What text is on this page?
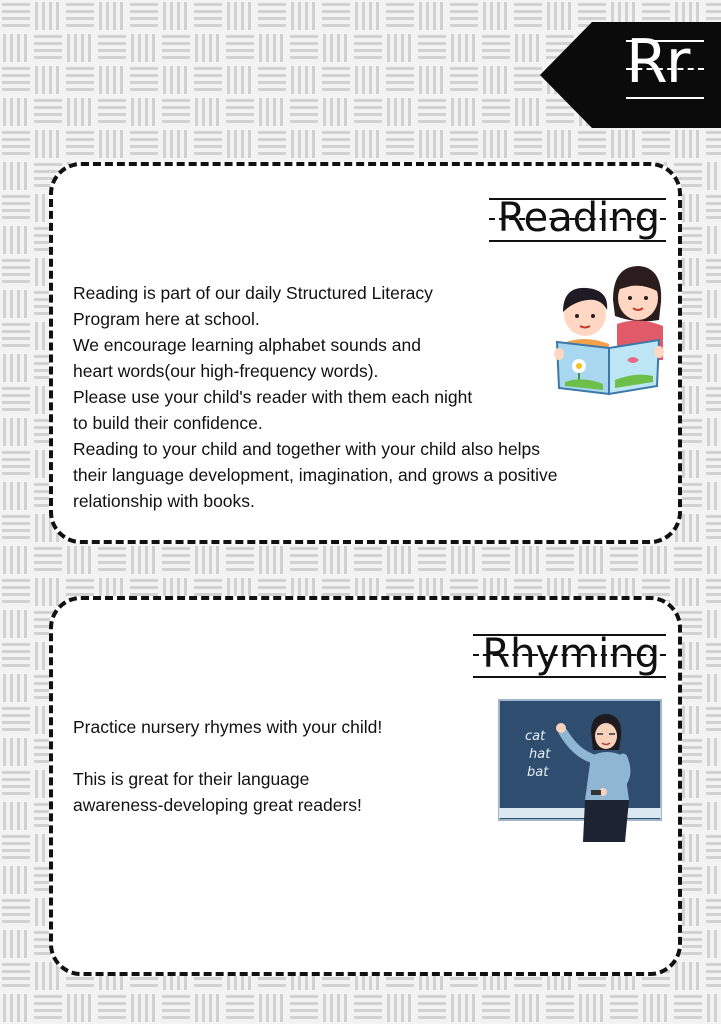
Rr
Reading
Reading is part of our daily Structured Literacy
Program here at school.
We encourage learning alphabet sounds and
heart words(our high-frequency words).
Please use your child's reader with them each night
to build their confidence.
Reading to your child and together with your child also helps
their language development, imagination, and grows a positive
relationship with books.
Rhyming
Practice nursery rhymes with your child!
This is great for their language
awareness-developing great readers!
cat
hat
bat
